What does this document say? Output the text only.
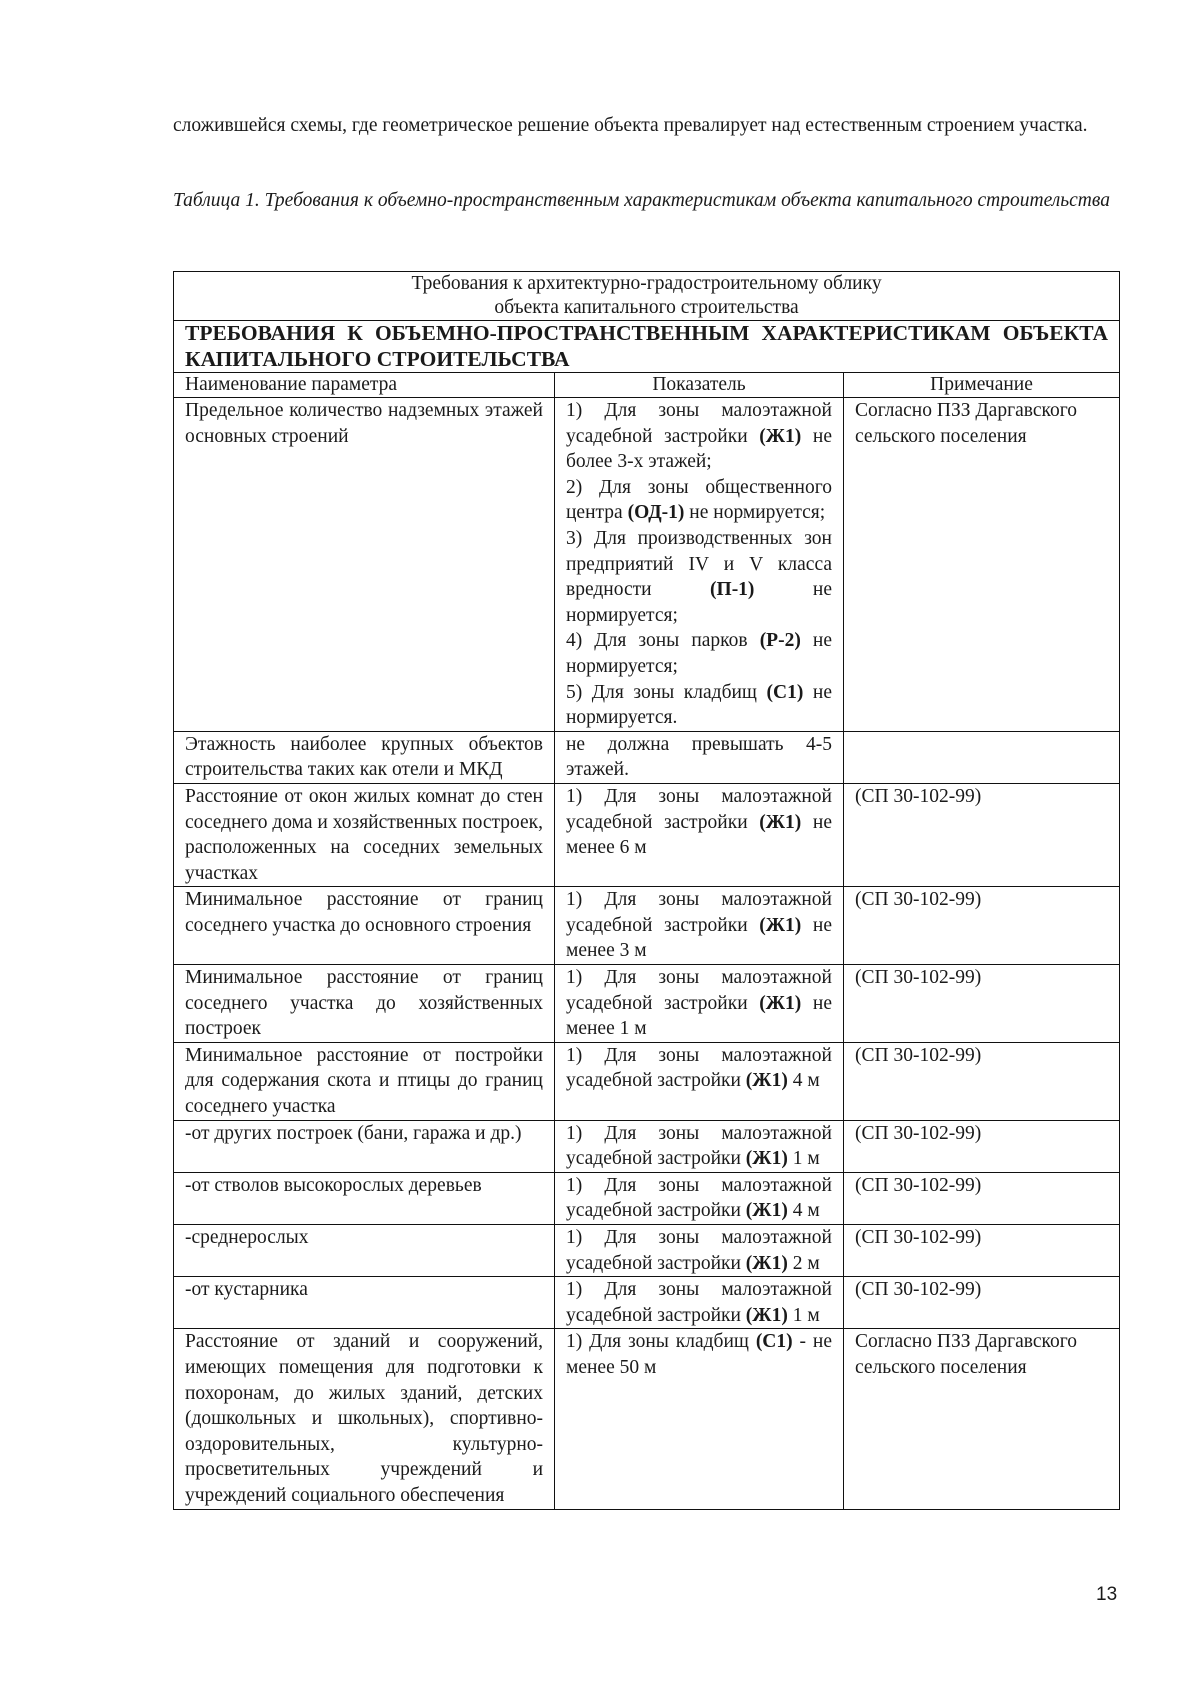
сложившейся схемы, где геометрическое решение объекта превалирует над естественным строением участка.

Таблица 1. Требования к объемно-пространственным характеристикам объекта капитального строительства

Требования к архитектурно-градостроительному облику
объекта капитального строительства		
ТРЕБОВАНИЯ К ОБЪЕМНО-ПРОСТРАНСТВЕННЫМ ХАРАКТЕРИСТИКАМ ОБЪЕКТА КАПИТАЛЬНОГО СТРОИТЕЛЬСТВА		
Наименование параметра	Показатель	Примечание
Предельное количество надземных этажей основных строений	1) Для зоны малоэтажной усадебной застройки (Ж1) не более 3-х этажей;
2) Для зоны общественного центра (ОД-1) не нормируется;
3) Для производственных зон предприятий IV и V класса вредности (П-1) не нормируется;
4) Для зоны парков (Р-2) не нормируется;
5) Для зоны кладбищ (С1) не нормируется.	Согласно ПЗЗ Даргавского сельского поселения
Этажность наиболее крупных объектов строительства таких как отели и МКД	не должна превышать 4-5 этажей.	
Расстояние от окон жилых комнат до стен соседнего дома и хозяйственных построек, расположенных на соседних земельных участках	1) Для зоны малоэтажной усадебной застройки (Ж1) не менее 6 м	(СП 30-102-99)
Минимальное расстояние от границ соседнего участка до основного строения	1) Для зоны малоэтажной усадебной застройки (Ж1) не менее 3 м	(СП 30-102-99)
Минимальное расстояние от границ соседнего участка до хозяйственных построек	1) Для зоны малоэтажной усадебной застройки (Ж1) не менее 1 м	(СП 30-102-99)
Минимальное расстояние от постройки для содержания скота и птицы до границ соседнего участка	1) Для зоны малоэтажной усадебной застройки (Ж1) 4 м	(СП 30-102-99)
-от других построек (бани, гаража и др.)	1) Для зоны малоэтажной усадебной застройки (Ж1) 1 м	(СП 30-102-99)
-от стволов высокорослых деревьев	1) Для зоны малоэтажной усадебной застройки (Ж1) 4 м	(СП 30-102-99)
-среднерослых	1) Для зоны малоэтажной усадебной застройки (Ж1) 2 м	(СП 30-102-99)
-от кустарника	1) Для зоны малоэтажной усадебной застройки (Ж1) 1 м	(СП 30-102-99)
Расстояние от зданий и сооружений, имеющих помещения для подготовки к похоронам, до жилых зданий, детских (дошкольных и школьных), спортивно-оздоровительных, культурно-просветительных учреждений и учреждений социального обеспечения	1) Для зоны кладбищ (С1) - не менее 50 м	Согласно ПЗЗ Даргавского сельского поселения

13
